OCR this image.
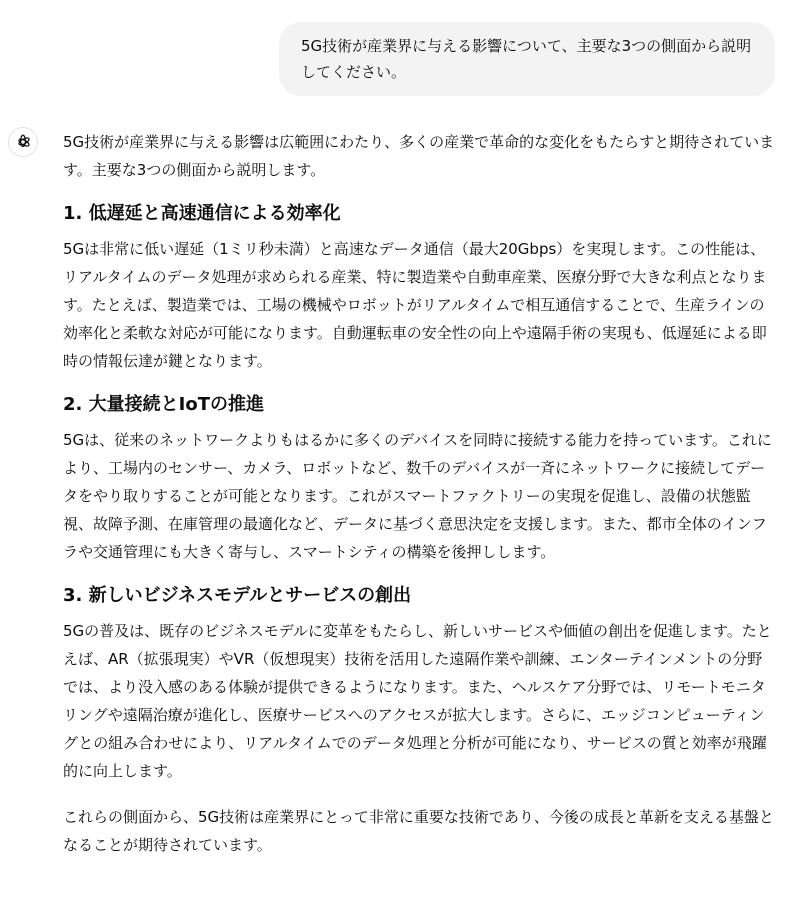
5G技術が産業界に与える影響について、主要な3つの側面から説明してください。

5G技術が産業界に与える影響は広範囲にわたり、多くの産業で革命的な変化をもたらすと期待されています。主要な3つの側面から説明します。

1. 低遅延と高速通信による効率化

5Gは非常に低い遅延（1ミリ秒未満）と高速なデータ通信（最大20Gbps）を実現します。この性能は、リアルタイムのデータ処理が求められる産業、特に製造業や自動車産業、医療分野で大きな利点となります。たとえば、製造業では、工場の機械やロボットがリアルタイムで相互通信することで、生産ラインの効率化と柔軟な対応が可能になります。自動運転車の安全性の向上や遠隔手術の実現も、低遅延による即時の情報伝達が鍵となります。

2. 大量接続とIoTの推進

5Gは、従来のネットワークよりもはるかに多くのデバイスを同時に接続する能力を持っています。これにより、工場内のセンサー、カメラ、ロボットなど、数千のデバイスが一斉にネットワークに接続してデータをやり取りすることが可能となります。これがスマートファクトリーの実現を促進し、設備の状態監視、故障予測、在庫管理の最適化など、データに基づく意思決定を支援します。また、都市全体のインフラや交通管理にも大きく寄与し、スマートシティの構築を後押しします。

3. 新しいビジネスモデルとサービスの創出

5Gの普及は、既存のビジネスモデルに変革をもたらし、新しいサービスや価値の創出を促進します。たとえば、AR（拡張現実）やVR（仮想現実）技術を活用した遠隔作業や訓練、エンターテインメントの分野では、より没入感のある体験が提供できるようになります。また、ヘルスケア分野では、リモートモニタリングや遠隔治療が進化し、医療サービスへのアクセスが拡大します。さらに、エッジコンピューティングとの組み合わせにより、リアルタイムでのデータ処理と分析が可能になり、サービスの質と効率が飛躍的に向上します。

これらの側面から、5G技術は産業界にとって非常に重要な技術であり、今後の成長と革新を支える基盤となることが期待されています。
